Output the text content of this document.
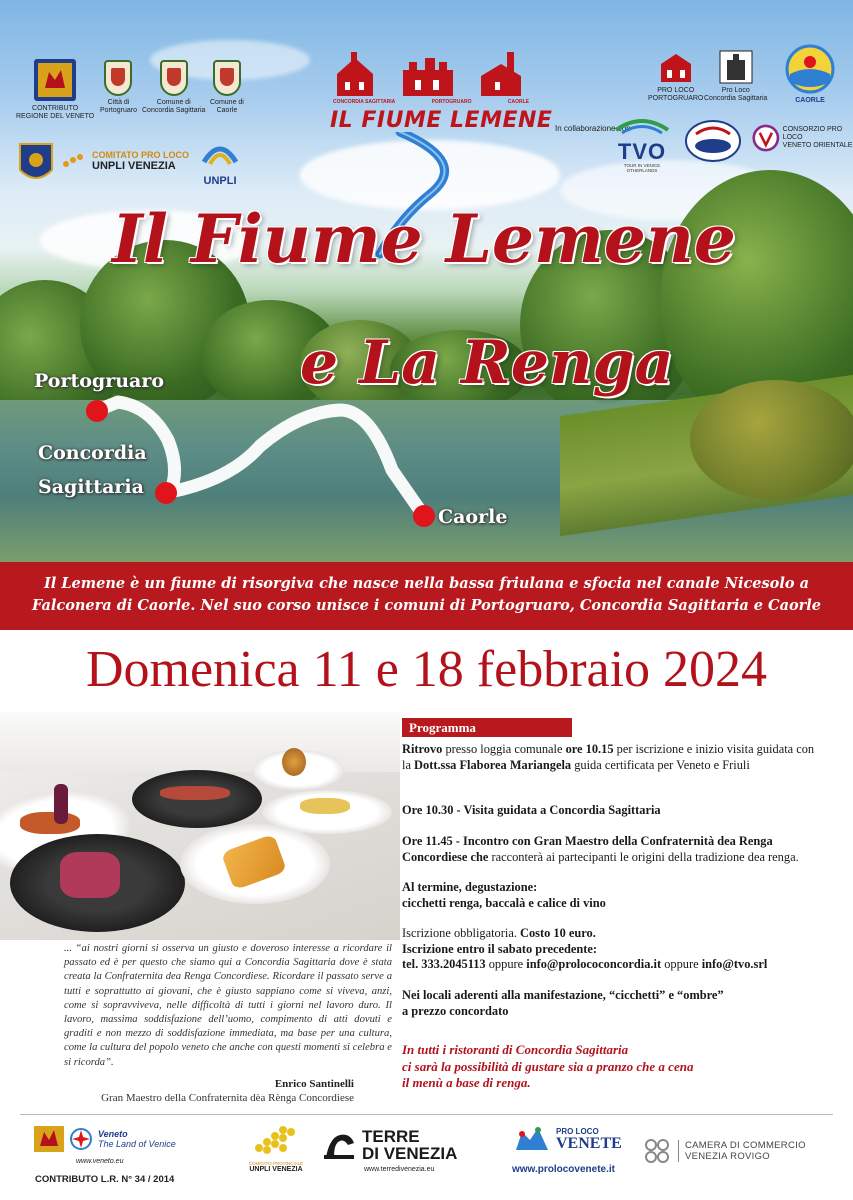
CONTRIBUTO
REGIONE DEL VENETO
Città di
Portogruaro
Comune di
Concordia Sagittaria
Comune di
Caorle
COMITATO PRO LOCO
UNPLI VENEZIA
UNPLI
CONCORDIA SAGITTARIA	PORTOGRUARO	CAORLE
IL FIUME LEMENE
PRO LOCO
PORTOGRUARO
Pro Loco
Concordia Sagittaria	CAORLE
In collaborazione con
TVO
TOUR IN VENICE OTHERLANDS
CONSORZIO PRO LOCO
VENETO ORIENTALE
Il Fiume Lemene
e La Renga
Portogruaro
Concordia
Sagittaria
Caorle
Il Lemene è un fiume di risorgiva che nasce nella bassa friulana e sfocia nel canale Nicesolo a
Falconera di Caorle. Nel suo corso unisce i comuni di Portogruaro, Concordia Sagittaria e Caorle
Domenica 11 e 18 febbraio 2024
... “ai nostri giorni si osserva un giusto e doveroso interesse a ricordare il passato ed è per questo che siamo qui a Concordia Sagittaria dove è stata creata la Confraternita dea Renga Concordiese. Ricordare il passato serve a tutti e soprattutto ai giovani, che è giusto sappiano come si viveva, anzi, come si sopravviveva, nelle difficoltà di tutti i giorni nel lavoro duro. Il lavoro, massima soddisfazione dell’uomo, compimento di atti dovuti e graditi e non mezzo di soddisfazione immediata, ma base per una cultura, come la cultura del popolo veneto che anche con questi momenti si celebra e si ricorda”.
Enrico Santinelli
Gran Maestro della Confraternita dèa Rènga Concordiese
Programma
Ritrovo presso loggia comunale ore 10.15 per iscrizione e inizio visita guidata con la Dott.ssa Flaborea Mariangela guida certificata per Veneto e Friuli
Ore 10.30 - Visita guidata a Concordia Sagittaria
Ore 11.45 - Incontro con Gran Maestro della Confraternità dea Renga Concordiese che racconterà ai partecipanti le origini della tradizione dea renga.
Al termine, degustazione:
cicchetti renga, baccalà e calice di vino
Iscrizione obbligatoria. Costo 10 euro.
Iscrizione entro il sabato precedente:
tel. 333.2045113 oppure info@prolococoncordia.it oppure info@tvo.srl
Nei locali aderenti alla manifestazione, “cicchetti” e “ombre”
a prezzo concordato
In tutti i ristoranti di Concordia Sagittaria
ci sarà la possibilità di gustare sia a pranzo che a cena
il menù a base di renga.
Veneto
The Land of Venice
www.veneto.eu
CONTRIBUTO L.R. N° 34 / 2014
COMITATO PROVINCIALE
UNPLI VENEZIA
TERRE
DI VENEZIA
www.terredivenezia.eu
PRO LOCO
VENETE
www.prolocovenete.it
CAMERA DI COMMERCIO
VENEZIA ROVIGO
